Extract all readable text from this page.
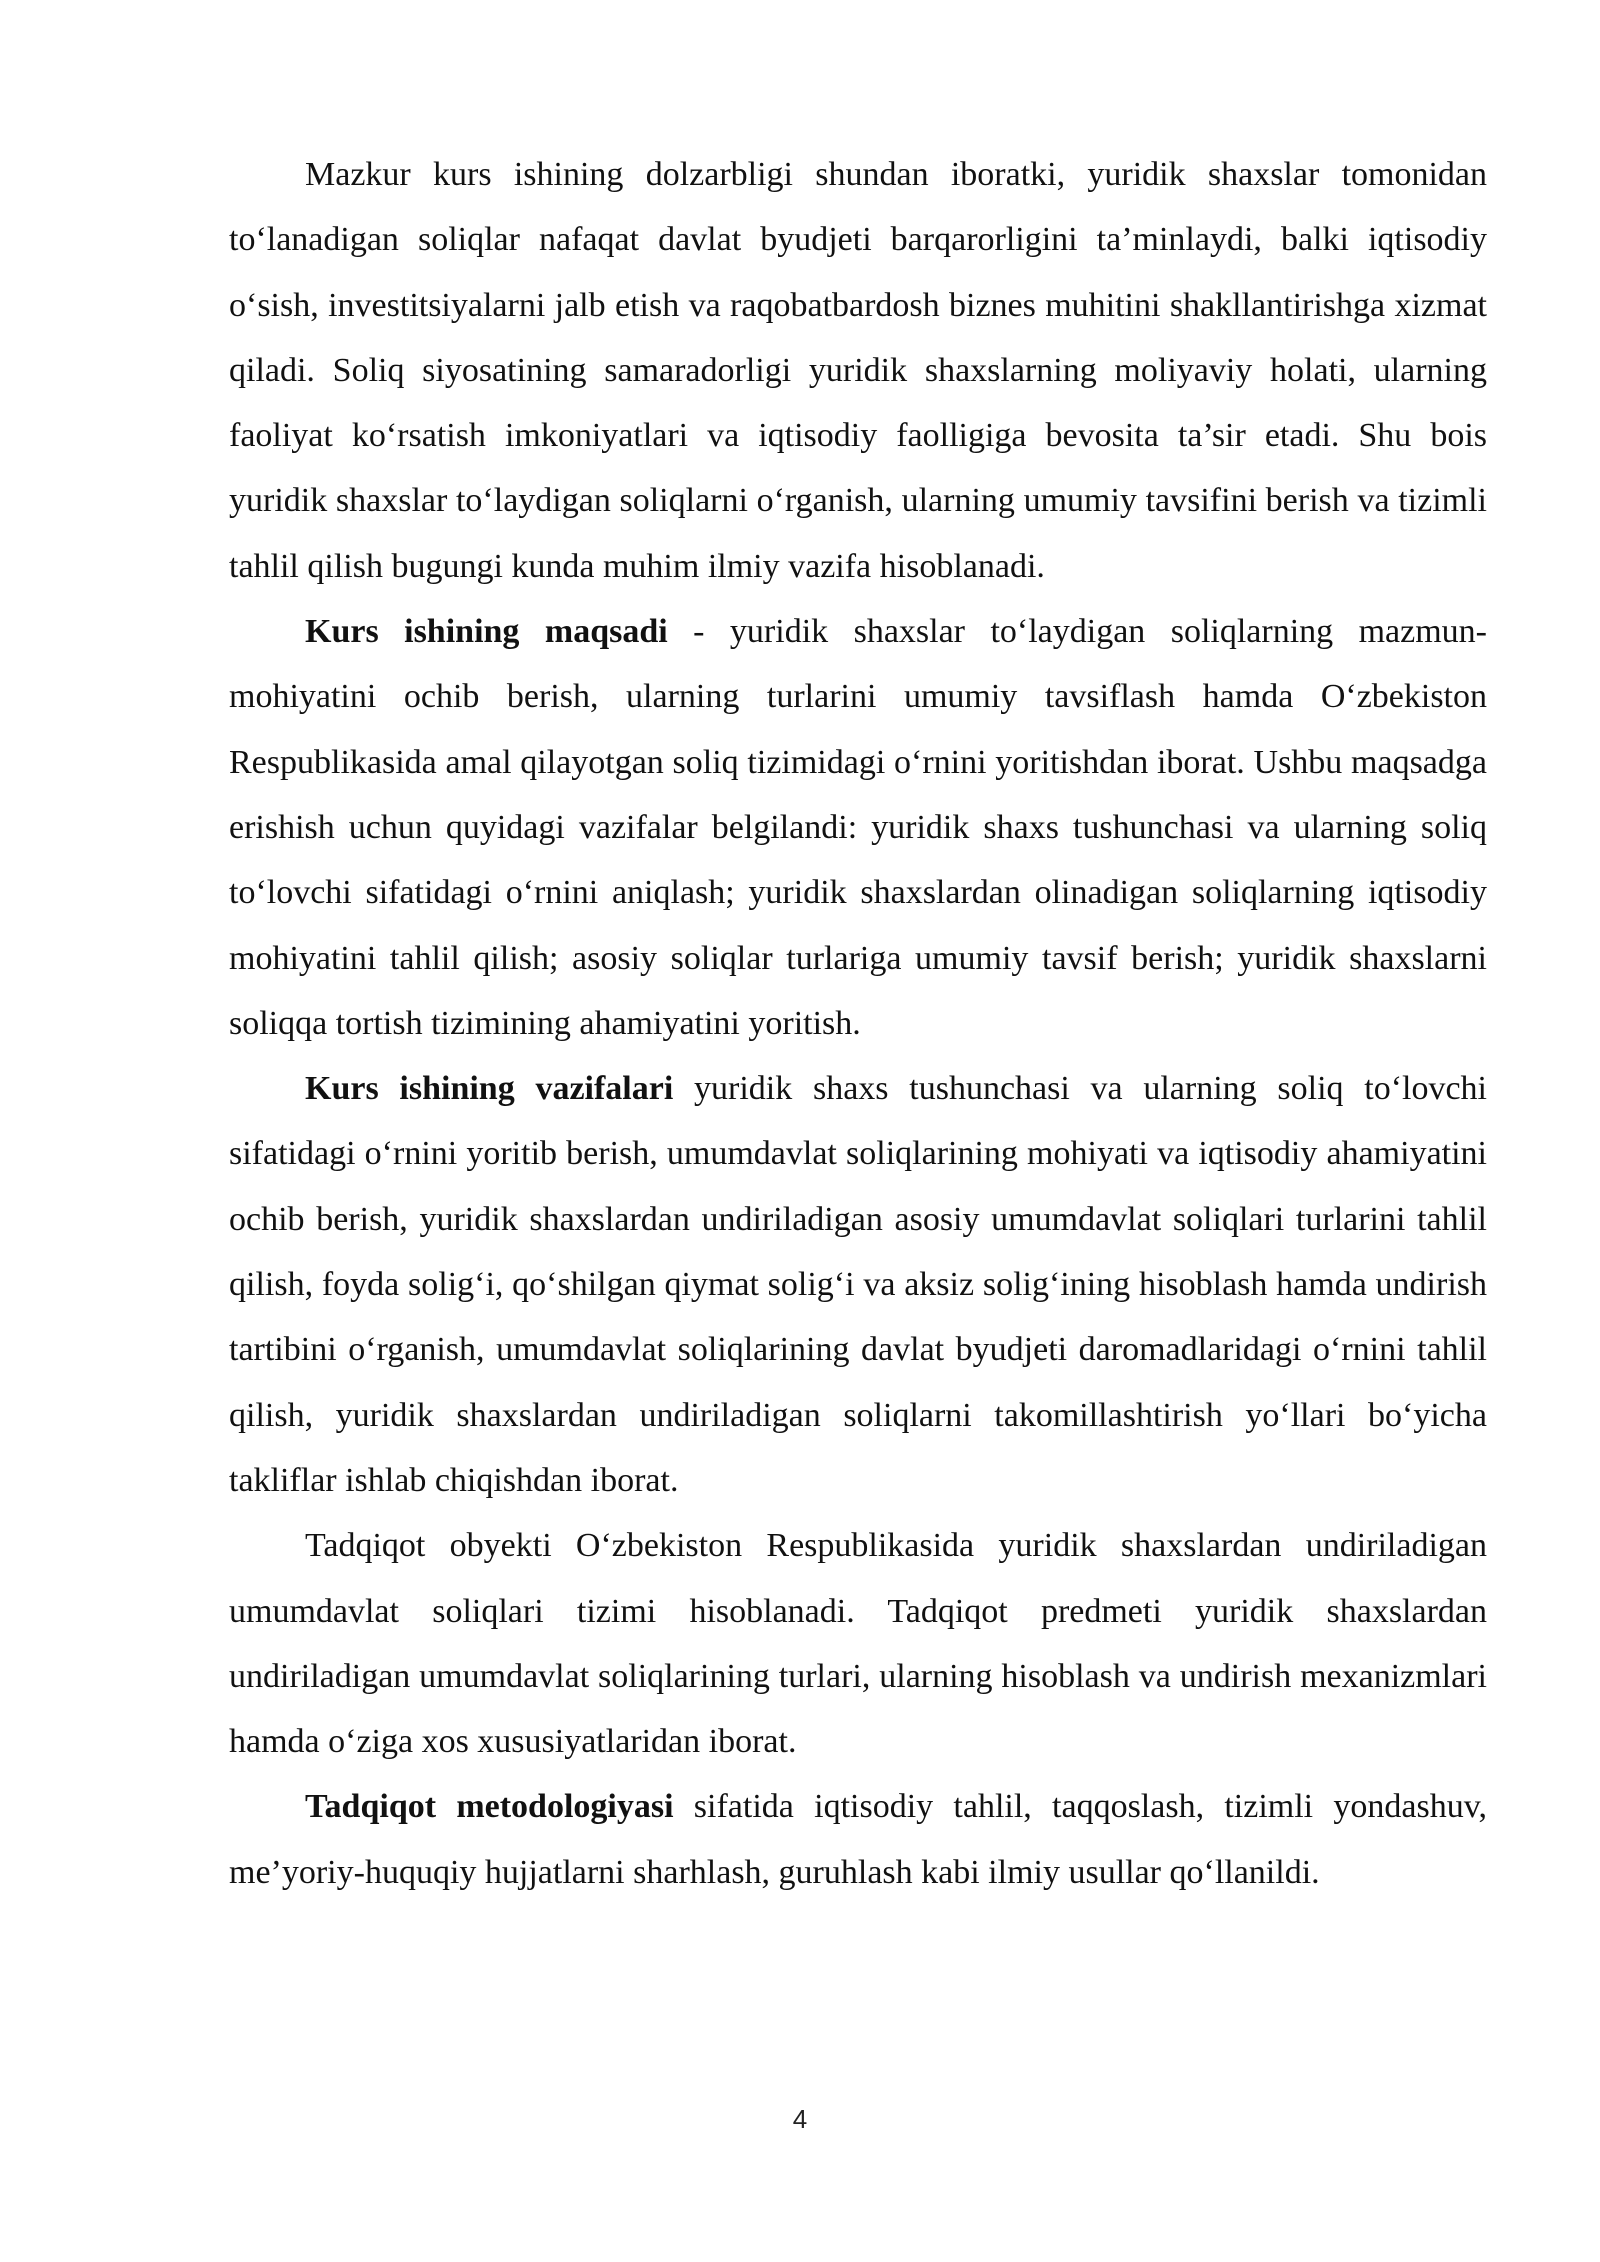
Mazkur kurs ishining dolzarbligi shundan iboratki, yuridik shaxslar tomonidan to‘lanadigan soliqlar nafaqat davlat byudjeti barqarorligini ta’minlaydi, balki iqtisodiy o‘sish, investitsiyalarni jalb etish va raqobatbardosh biznes muhitini shakllantirishga xizmat qiladi. Soliq siyosatining samaradorligi yuridik shaxslarning moliyaviy holati, ularning faoliyat ko‘rsatish imkoniyatlari va iqtisodiy faolligiga bevosita ta’sir etadi. Shu bois yuridik shaxslar to‘laydigan soliqlarni o‘rganish, ularning umumiy tavsifini berish va tizimli tahlil qilish bugungi kunda muhim ilmiy vazifa hisoblanadi.

Kurs ishining maqsadi - yuridik shaxslar to‘laydigan soliqlarning mazmun-mohiyatini ochib berish, ularning turlarini umumiy tavsiflash hamda O‘zbekiston Respublikasida amal qilayotgan soliq tizimidagi o‘rnini yoritishdan iborat. Ushbu maqsadga erishish uchun quyidagi vazifalar belgilandi: yuridik shaxs tushunchasi va ularning soliq to‘lovchi sifatidagi o‘rnini aniqlash; yuridik shaxslardan olinadigan soliqlarning iqtisodiy mohiyatini tahlil qilish; asosiy soliqlar turlariga umumiy tavsif berish; yuridik shaxslarni soliqqa tortish tizimining ahamiyatini yoritish.

Kurs ishining vazifalari yuridik shaxs tushunchasi va ularning soliq to‘lovchi sifatidagi o‘rnini yoritib berish, umumdavlat soliqlarining mohiyati va iqtisodiy ahamiyatini ochib berish, yuridik shaxslardan undiriladigan asosiy umumdavlat soliqlari turlarini tahlil qilish, foyda solig‘i, qo‘shilgan qiymat solig‘i va aksiz solig‘ining hisoblash hamda undirish tartibini o‘rganish, umumdavlat soliqlarining davlat byudjeti daromadlaridagi o‘rnini tahlil qilish, yuridik shaxslardan undiriladigan soliqlarni takomillashtirish yo‘llari bo‘yicha takliflar ishlab chiqishdan iborat.

Tadqiqot obyekti O‘zbekiston Respublikasida yuridik shaxslardan undiriladigan umumdavlat soliqlari tizimi hisoblanadi. Tadqiqot predmeti yuridik shaxslardan undiriladigan umumdavlat soliqlarining turlari, ularning hisoblash va undirish mexanizmlari hamda o‘ziga xos xususiyatlaridan iborat.

Tadqiqot metodologiyasi sifatida iqtisodiy tahlil, taqqoslash, tizimli yondashuv, me’yoriy-huquqiy hujjatlarni sharhlash, guruhlash kabi ilmiy usullar qo‘llanildi.

4
